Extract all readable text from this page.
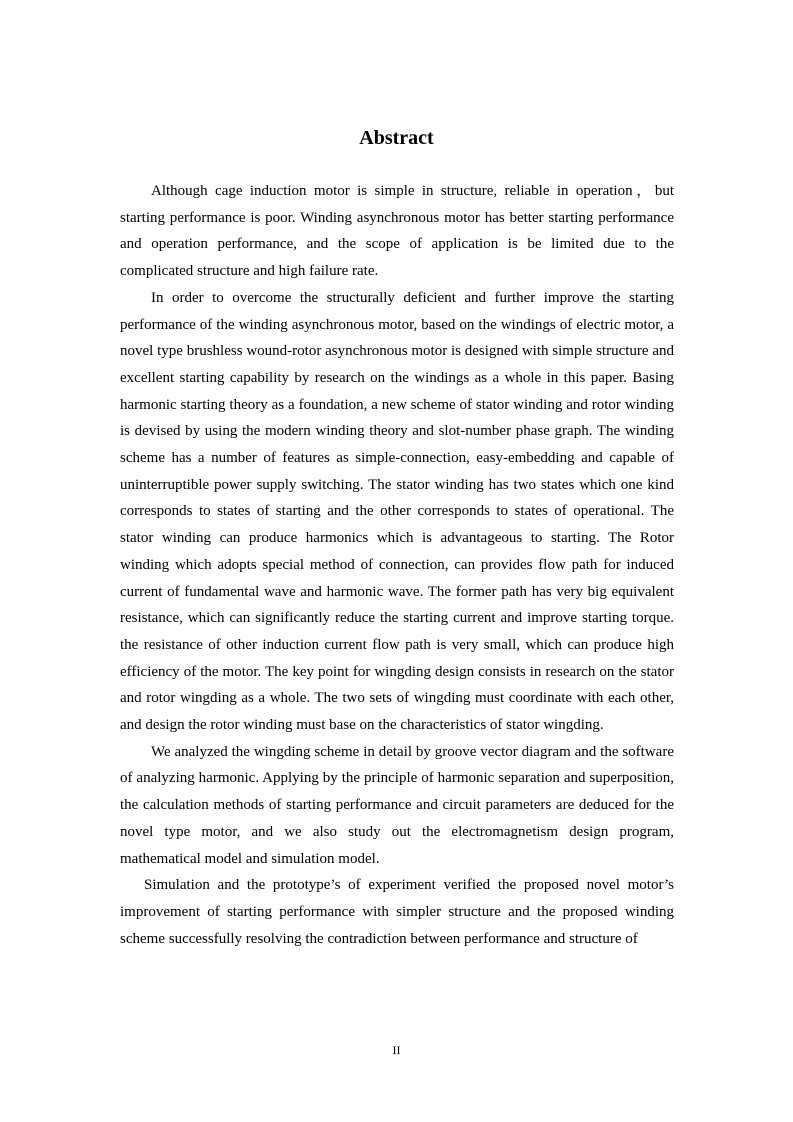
Abstract

Although cage induction motor is simple in structure, reliable in operation，but starting performance is poor. Winding asynchronous motor has better starting performance and operation performance, and the scope of application is be limited due to the complicated structure and high failure rate.

In order to overcome the structurally deficient and further improve the starting performance of the winding asynchronous motor, based on the windings of electric motor, a novel type brushless wound-rotor asynchronous motor is designed with simple structure and excellent starting capability by research on the windings as a whole in this paper. Basing harmonic starting theory as a foundation, a new scheme of stator winding and rotor winding is devised by using the modern winding theory and slot-number phase graph. The winding scheme has a number of features as simple-connection, easy-embedding and capable of uninterruptible power supply switching. The stator winding has two states which one kind corresponds to states of starting and the other corresponds to states of operational. The stator winding can produce harmonics which is advantageous to starting. The Rotor winding which adopts special method of connection, can provides flow path for induced current of fundamental wave and harmonic wave. The former path has very big equivalent resistance, which can significantly reduce the starting current and improve starting torque. the resistance of other induction current flow path is very small, which can produce high efficiency of the motor. The key point for wingding design consists in research on the stator and rotor wingding as a whole. The two sets of wingding must coordinate with each other, and design the rotor winding must base on the characteristics of stator wingding.

We analyzed the wingding scheme in detail by groove vector diagram and the software of analyzing harmonic. Applying by the principle of harmonic separation and superposition, the calculation methods of starting performance and circuit parameters are deduced for the novel type motor, and we also study out the electromagnetism design program, mathematical model and simulation model.

Simulation and the prototype’s of experiment verified the proposed novel motor’s improvement of starting performance with simpler structure and the proposed winding scheme successfully resolving the contradiction between performance and structure of

II
